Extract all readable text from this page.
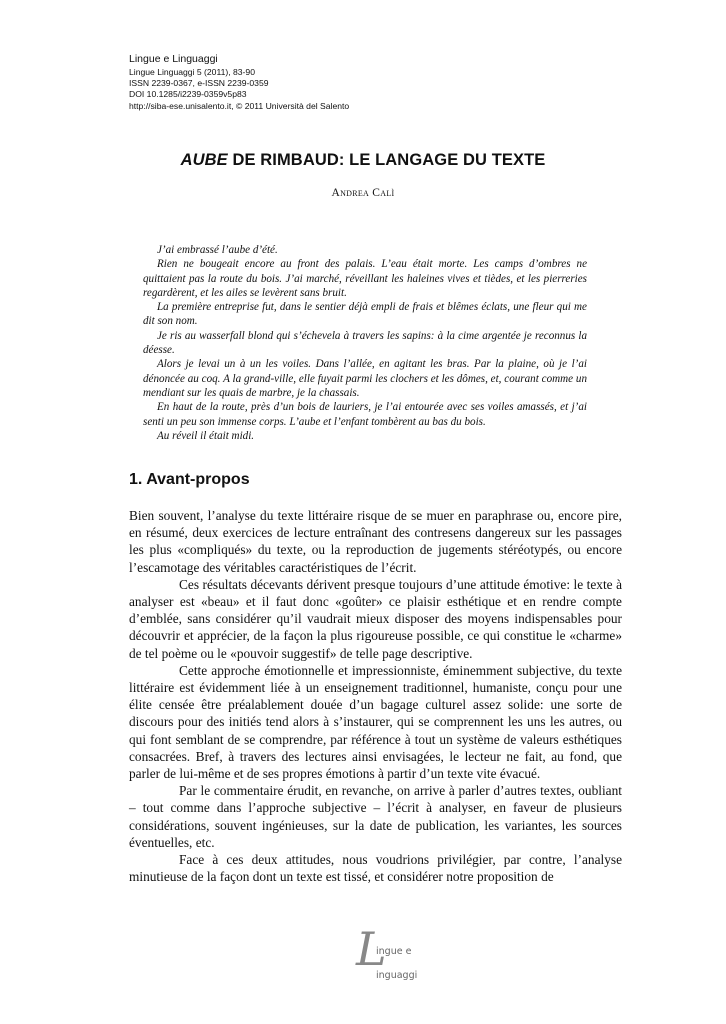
Lingue e Linguaggi
Lingue Linguaggi 5 (2011), 83-90
ISSN 2239-0367, e-ISSN 2239-0359
DOI 10.1285/i2239-0359v5p83
http://siba-ese.unisalento.it, © 2011 Università del Salento
AUBE DE RIMBAUD: LE LANGAGE DU TEXTE
Andrea Calì

J’ai embrassé l’aube d’été.

Rien ne bougeait encore au front des palais. L’eau était morte. Les camps d’ombres ne quittaient pas la route du bois. J’ai marché, réveillant les haleines vives et tièdes, et les pierreries regardèrent, et les ailes se levèrent sans bruit.

La première entreprise fut, dans le sentier déjà empli de frais et blêmes éclats, une fleur qui me dit son nom.

Je ris au wasserfall blond qui s’échevela à travers les sapins: à la cime argentée je reconnus la déesse.

Alors je levai un à un les voiles. Dans l’allée, en agitant les bras. Par la plaine, où je l’ai dénoncée au coq. A la grand-ville, elle fuyait parmi les clochers et les dômes, et, courant comme un mendiant sur les quais de marbre, je la chassais.

En haut de la route, près d’un bois de lauriers, je l’ai entourée avec ses voiles amassés, et j’ai senti un peu son immense corps. L’aube et l’enfant tombèrent au bas du bois.

Au réveil il était midi.

1. Avant-propos

Bien souvent, l’analyse du texte littéraire risque de se muer en paraphrase ou, encore pire, en résumé, deux exercices de lecture entraînant des contresens dangereux sur les passages les plus «compliqués» du texte, ou la reproduction de jugements stéréotypés, ou encore l’escamotage des véritables caractéristiques de l’écrit.

Ces résultats décevants dérivent presque toujours d’une attitude émotive: le texte à analyser est «beau» et il faut donc «goûter» ce plaisir esthétique et en rendre compte d’emblée, sans considérer qu’il vaudrait mieux disposer des moyens indispensables pour découvrir et apprécier, de la façon la plus rigoureuse possible, ce qui constitue le «charme» de tel poème ou le «pouvoir suggestif» de telle page descriptive.

Cette approche émotionnelle et impressionniste, éminemment subjective, du texte littéraire est évidemment liée à un enseignement traditionnel, humaniste, conçu pour une élite censée être préalablement douée d’un bagage culturel assez solide: une sorte de discours pour des initiés tend alors à s’instaurer, qui se comprennent les uns les autres, ou qui font semblant de se comprendre, par référence à tout un système de valeurs esthétiques consacrées. Bref, à travers des lectures ainsi envisagées, le lecteur ne fait, au fond, que parler de lui-même et de ses propres émotions à partir d’un texte vite évacué.

Par le commentaire érudit, en revanche, on arrive à parler d’autres textes, oubliant – tout comme dans l’approche subjective – l’écrit à analyser, en faveur de plusieurs considérations, souvent ingénieuses, sur la date de publication, les variantes, les sources éventuelles, etc.

Face à ces deux attitudes, nous voudrions privilégier, par contre, l’analyse minutieuse de la façon dont un texte est tissé, et considérer notre proposition de

L
ingue e
inguaggi
